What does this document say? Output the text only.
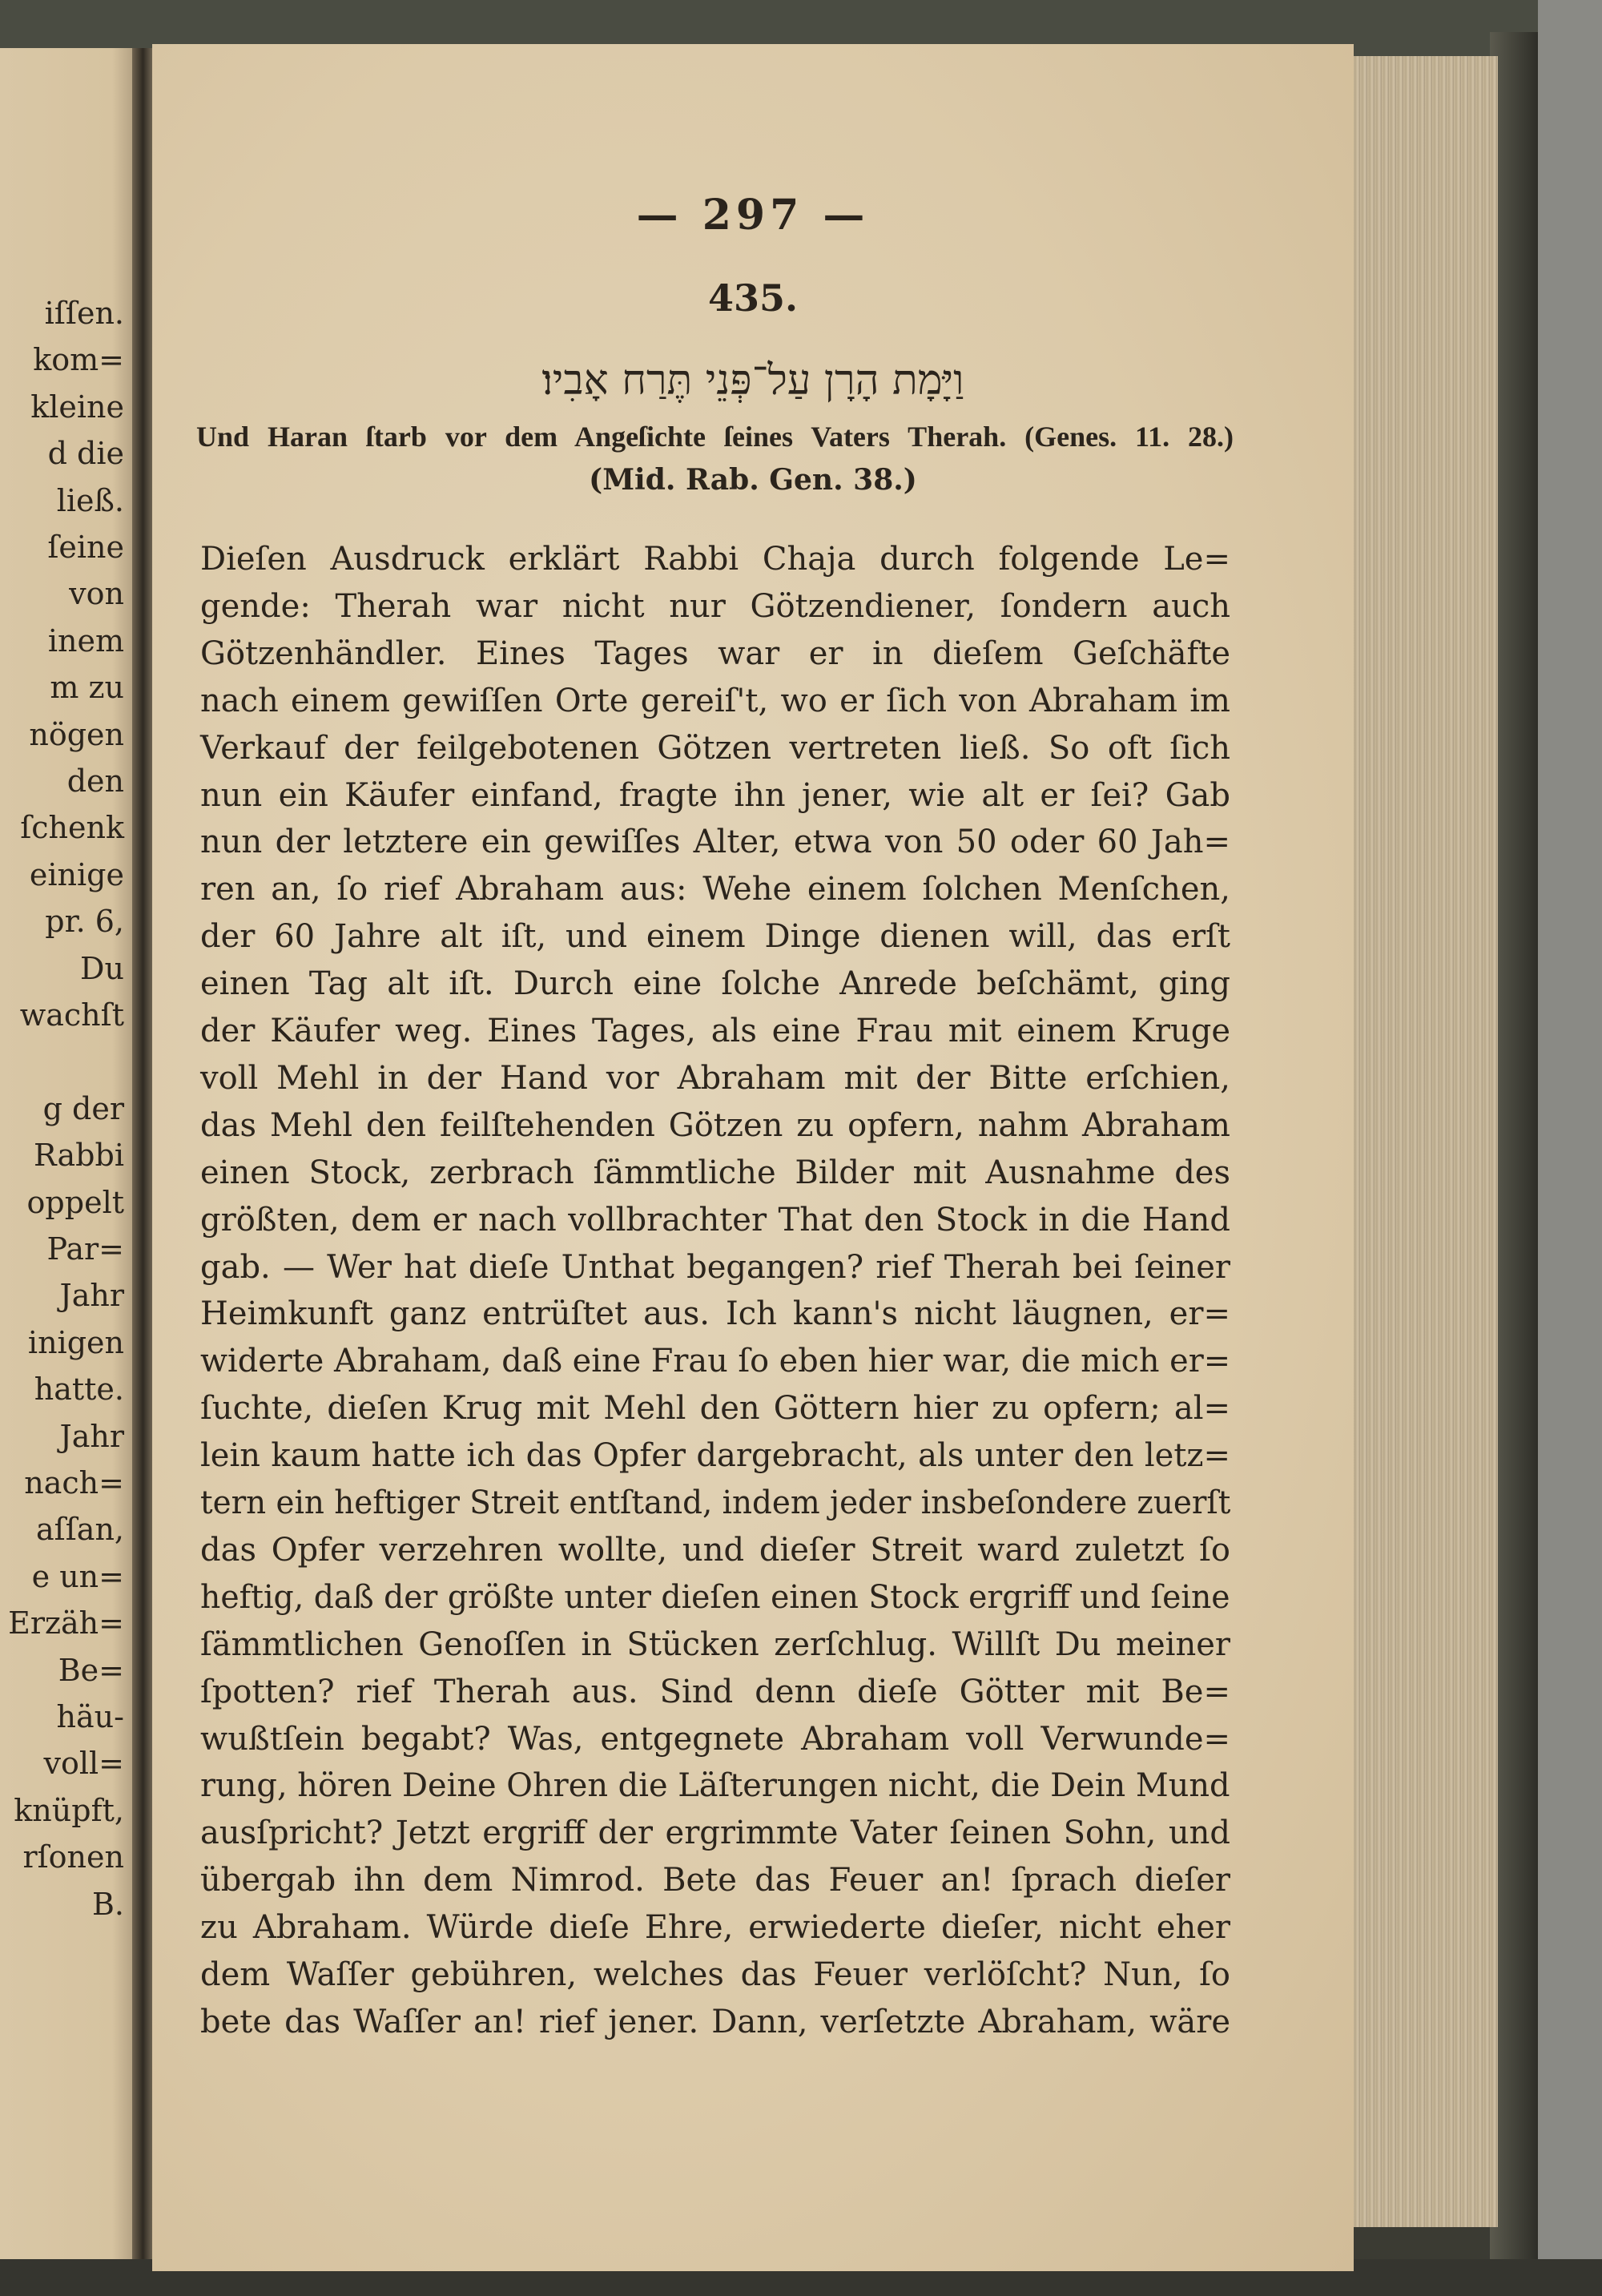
iſſen.
kom=
kleine
d die
ließ.
ſeine
von
inem
m zu
nögen
den
ſchenk
einige
pr. 6,
Du
wachſt
g der
Rabbi
oppelt
Par=
Jahr
inigen
hatte.
Jahr
nach=
aſſan,
e un=
Erzäh=
Be=
häu-
voll=
knüpft,
rſonen
B.
— 297 —
435.
וַיָּמָת הָרָן עַל־פְּנֵי תֶּרַח אָבִיו׃
Und Haran ſtarb vor dem Angeſichte ſeines Vaters Therah. (Genes. 11. 28.)
(Mid. Rab. Gen. 38.)
Dieſen Ausdruck erklärt Rabbi Chaja durch folgende Le=
gende: Therah war nicht nur Götzendiener, ſondern auch
Götzenhändler. Eines Tages war er in dieſem Geſchäfte
nach einem gewiſſen Orte gereiſ't, wo er ſich von Abraham im
Verkauf der feilgebotenen Götzen vertreten ließ. So oft ſich
nun ein Käufer einfand, fragte ihn jener, wie alt er ſei? Gab
nun der letztere ein gewiſſes Alter, etwa von 50 oder 60 Jah=
ren an, ſo rief Abraham aus: Wehe einem ſolchen Menſchen,
der 60 Jahre alt iſt, und einem Dinge dienen will, das erſt
einen Tag alt iſt. Durch eine ſolche Anrede beſchämt, ging
der Käufer weg. Eines Tages, als eine Frau mit einem Kruge
voll Mehl in der Hand vor Abraham mit der Bitte erſchien,
das Mehl den feilſtehenden Götzen zu opfern, nahm Abraham
einen Stock, zerbrach ſämmtliche Bilder mit Ausnahme des
größten, dem er nach vollbrachter That den Stock in die Hand
gab. — Wer hat dieſe Unthat begangen? rief Therah bei ſeiner
Heimkunft ganz entrüſtet aus. Ich kann's nicht läugnen, er=
widerte Abraham, daß eine Frau ſo eben hier war, die mich er=
ſuchte, dieſen Krug mit Mehl den Göttern hier zu opfern; al=
lein kaum hatte ich das Opfer dargebracht, als unter den letz=
tern ein heftiger Streit entſtand, indem jeder insbeſondere zuerſt
das Opfer verzehren wollte, und dieſer Streit ward zuletzt ſo
heftig, daß der größte unter dieſen einen Stock ergriff und ſeine
ſämmtlichen Genoſſen in Stücken zerſchlug. Willſt Du meiner
ſpotten? rief Therah aus. Sind denn dieſe Götter mit Be=
wußtſein begabt? Was, entgegnete Abraham voll Verwunde=
rung, hören Deine Ohren die Läſterungen nicht, die Dein Mund
ausſpricht? Jetzt ergriff der ergrimmte Vater ſeinen Sohn, und
übergab ihn dem Nimrod. Bete das Feuer an! ſprach dieſer
zu Abraham. Würde dieſe Ehre, erwiederte dieſer, nicht eher
dem Waſſer gebühren, welches das Feuer verlöſcht? Nun, ſo
bete das Waſſer an! rief jener. Dann, verſetzte Abraham, wäre
